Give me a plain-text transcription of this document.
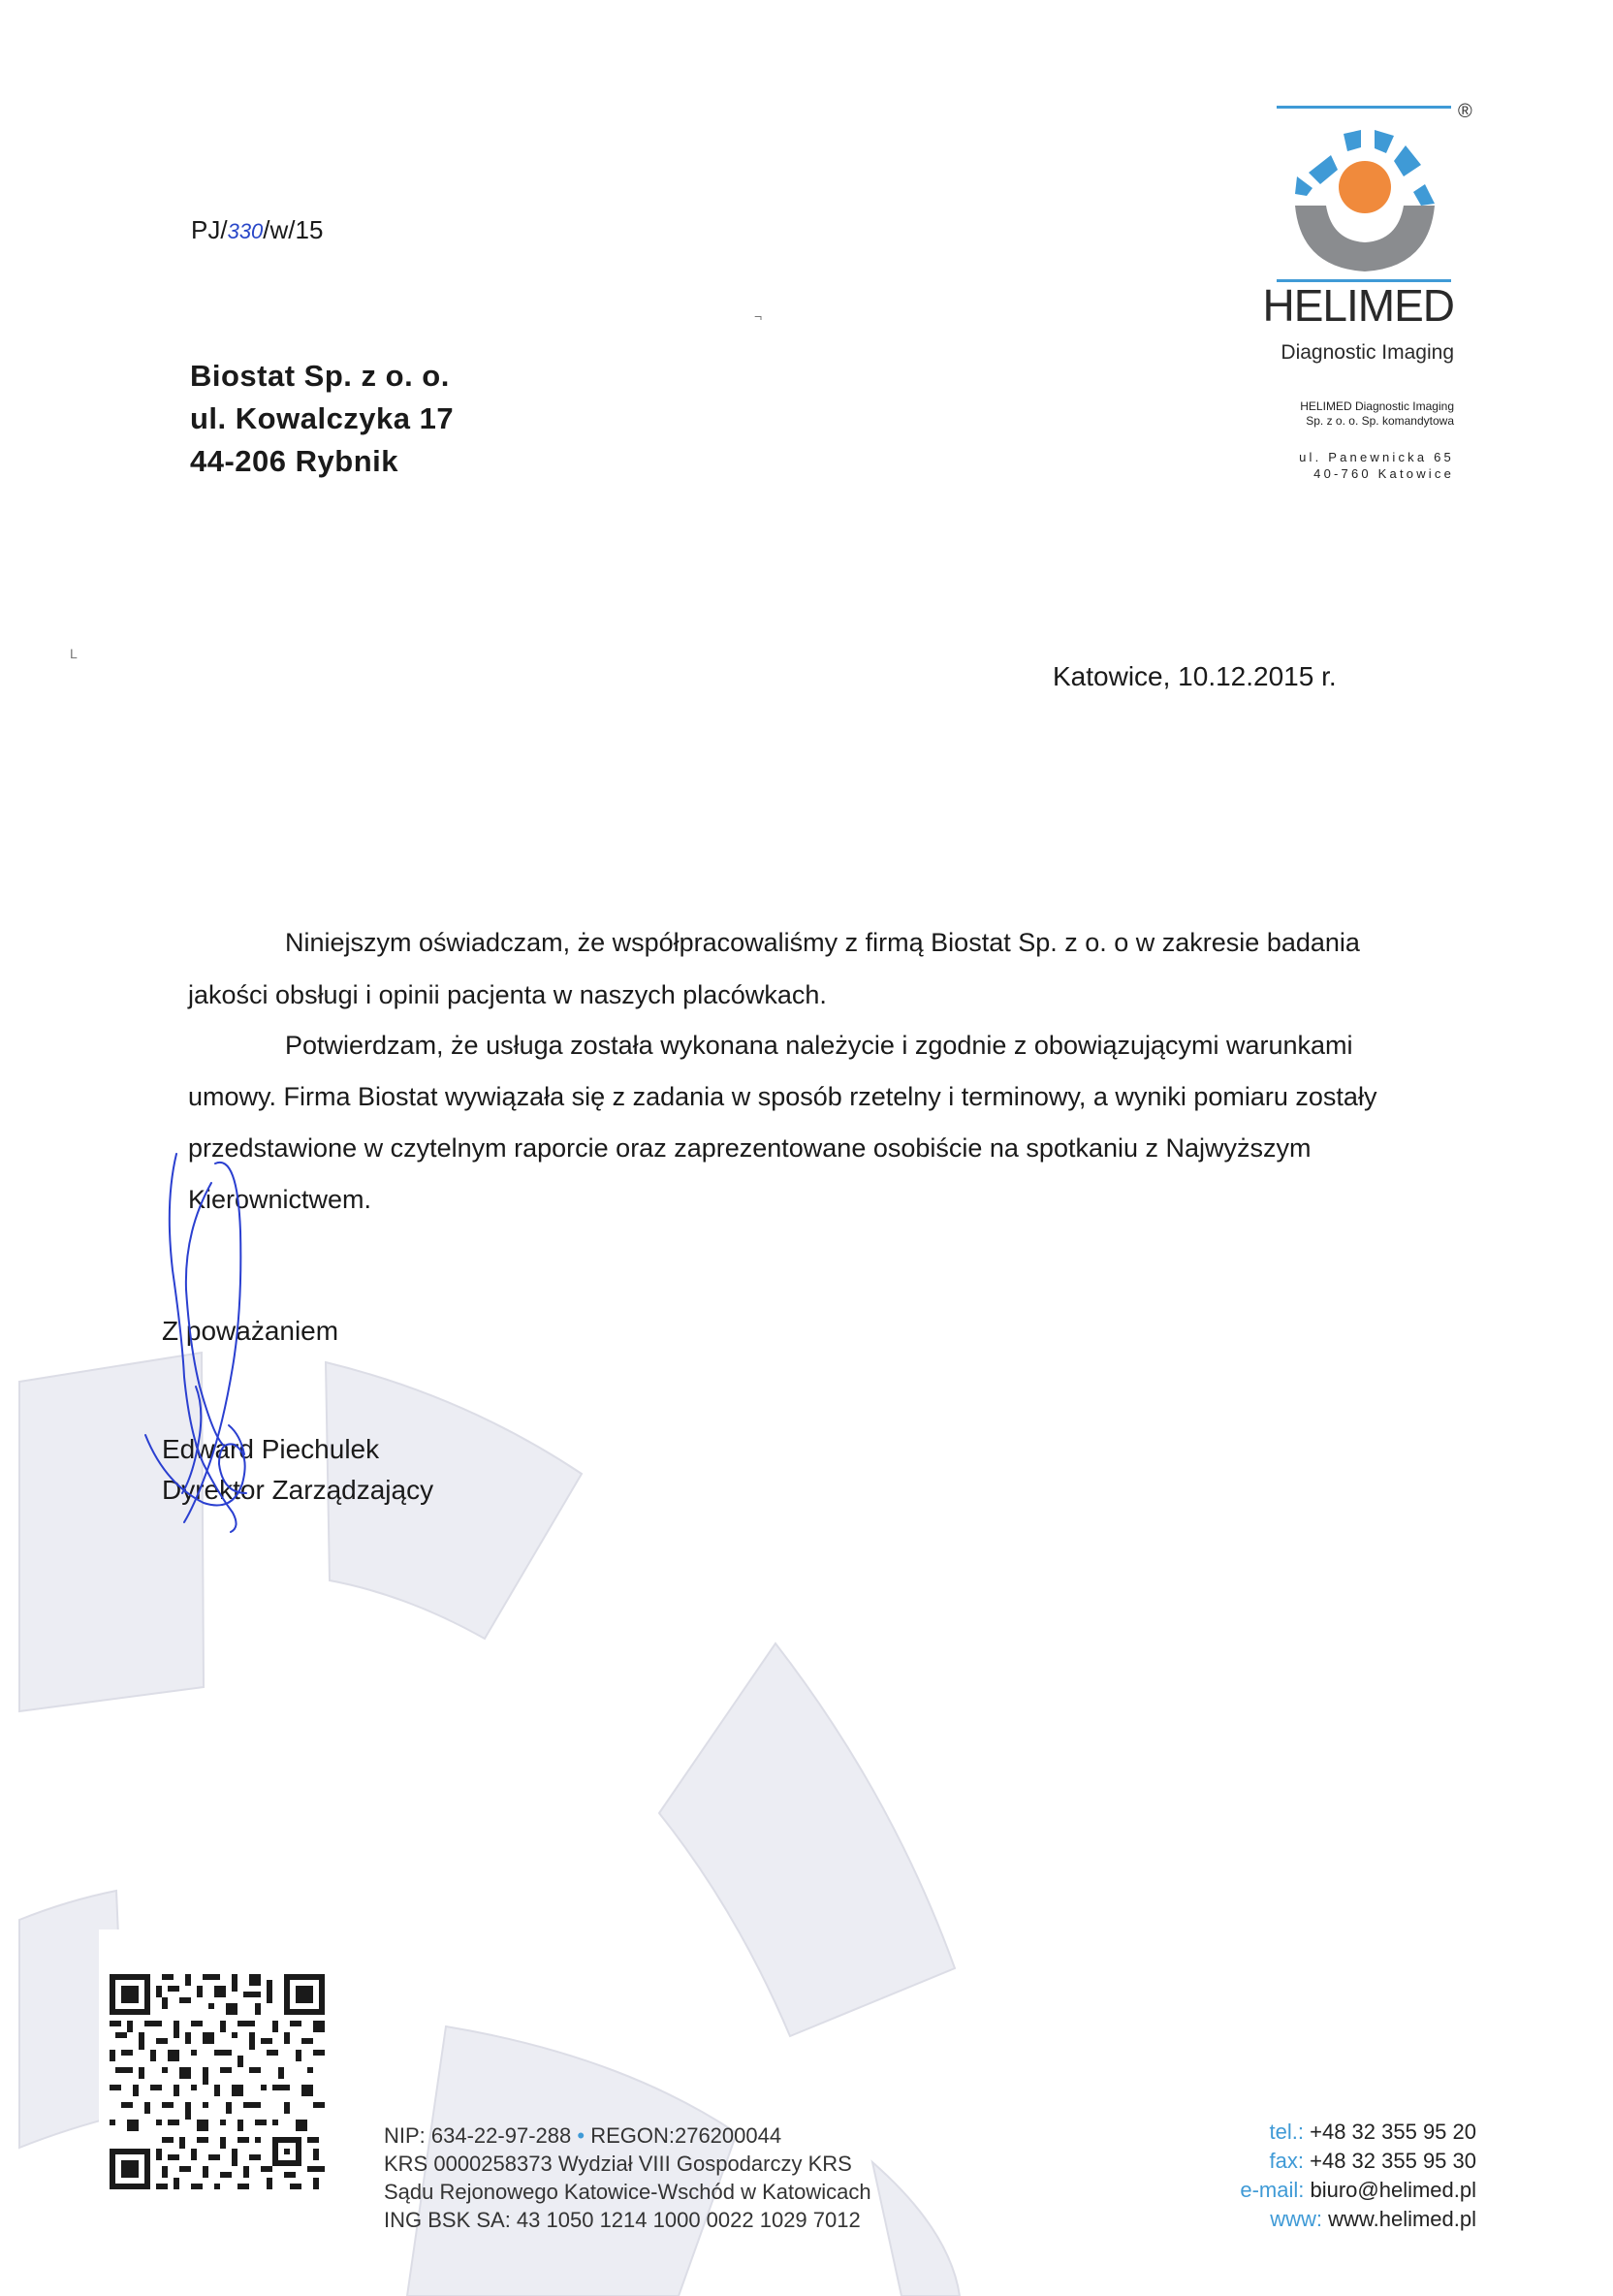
®
HELIMED
Diagnostic Imaging
HELIMED Diagnostic Imaging
Sp. z o. o. Sp. komandytowa
ul. Panewnicka 65
40-760 Katowice
PJ/330/w/15
¬
L
Biostat Sp. z o. o.
ul. Kowalczyka 17
44-206 Rybnik
Katowice, 10.12.2015 r.
Niniejszym oświadczam, że współpracowaliśmy z firmą Biostat Sp. z o. o w zakresie badania
jakości obsługi i opinii pacjenta w naszych placówkach.
Potwierdzam, że usługa została wykonana należycie i zgodnie z obowiązującymi warunkami
umowy. Firma Biostat wywiązała się z zadania w sposób rzetelny i terminowy, a wyniki pomiaru zostały
przedstawione w czytelnym raporcie oraz zaprezentowane osobiście na spotkaniu z Najwyższym
Kierownictwem.
Z poważaniem
Edward Piechulek
Dyrektor Zarządzający
NIP: 634-22-97-288 • REGON:276200044
KRS 0000258373 Wydział VIII Gospodarczy KRS
Sądu Rejonowego Katowice-Wschód w Katowicach
ING BSK SA: 43 1050 1214 1000 0022 1029 7012
tel.: +48 32 355 95 20
fax: +48 32 355 95 30
e-mail: biuro@helimed.pl
www: www.helimed.pl
